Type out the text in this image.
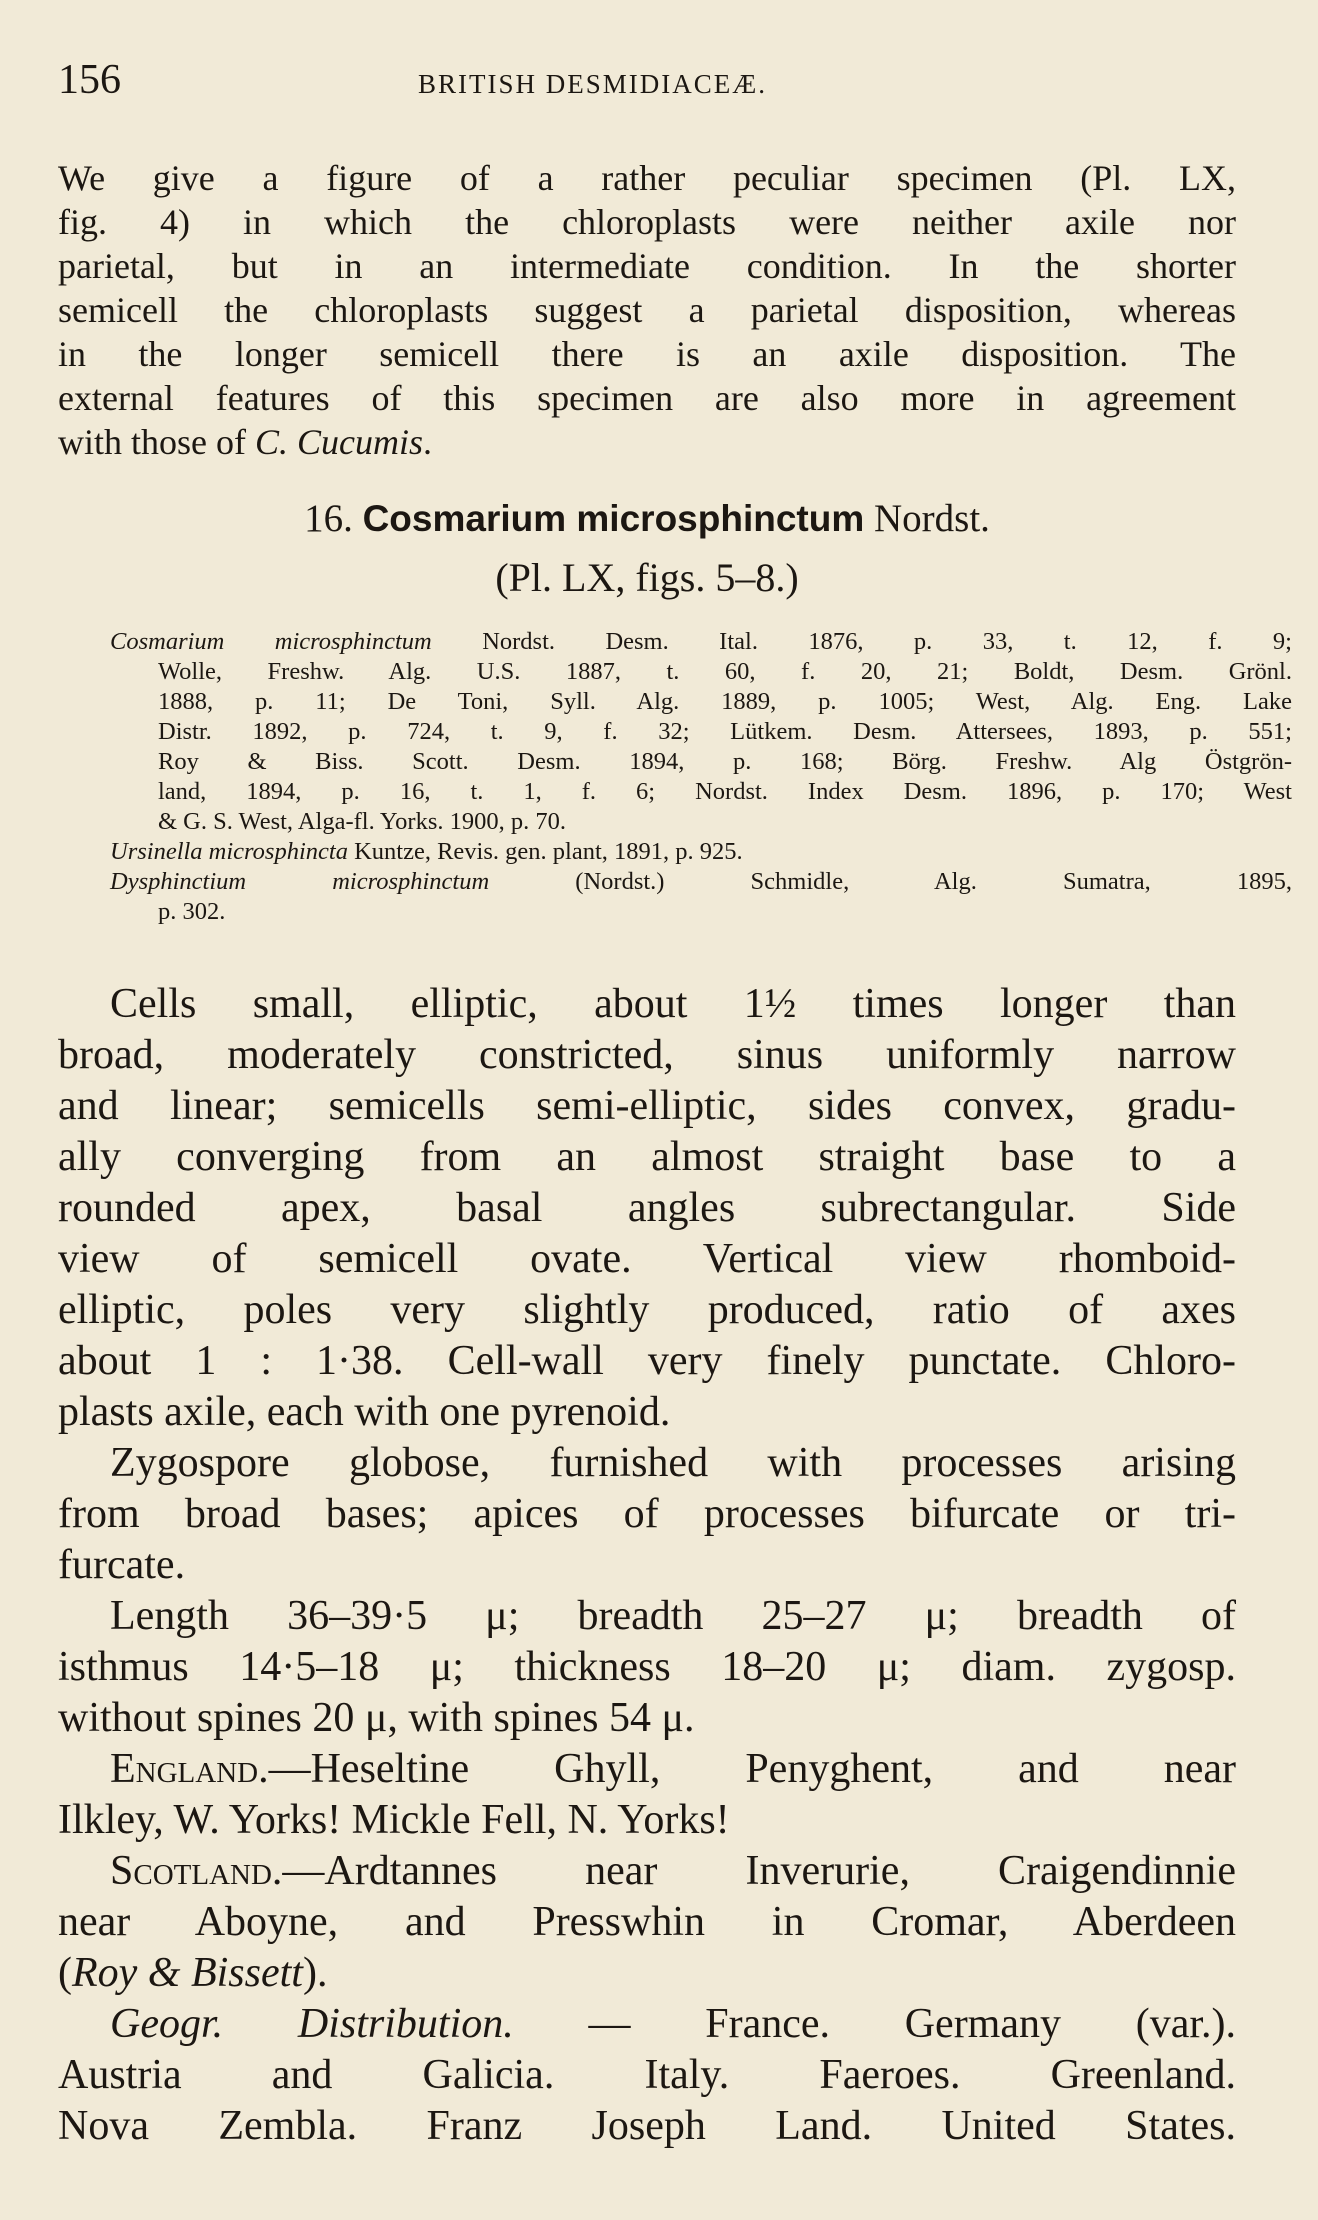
156	BRITISH DESMIDIACEÆ.
We give a figure of a rather peculiar specimen (Pl. LX,
fig. 4) in which the chloroplasts were neither axile nor
parietal, but in an intermediate condition. In the shorter
semicell the chloroplasts suggest a parietal disposition, whereas
in the longer semicell there is an axile disposition. The
external features of this specimen are also more in agreement
with those of C. Cucumis.
16. Cosmarium microsphinctum Nordst.
(Pl. LX, figs. 5–8.)
Cosmarium microsphinctum Nordst. Desm. Ital. 1876, p. 33, t. 12, f. 9;
Wolle, Freshw. Alg. U.S. 1887, t. 60, f. 20, 21; Boldt, Desm. Grönl.
1888, p. 11; De Toni, Syll. Alg. 1889, p. 1005; West, Alg. Eng. Lake
Distr. 1892, p. 724, t. 9, f. 32; Lütkem. Desm. Attersees, 1893, p. 551;
Roy & Biss. Scott. Desm. 1894, p. 168; Börg. Freshw. Alg Östgrön-
land, 1894, p. 16, t. 1, f. 6; Nordst. Index Desm. 1896, p. 170; West
& G. S. West, Alga-fl. Yorks. 1900, p. 70.
Ursinella microsphincta Kuntze, Revis. gen. plant, 1891, p. 925.
Dysphinctium microsphinctum (Nordst.) Schmidle, Alg. Sumatra, 1895,
p. 302.
Cells small, elliptic, about 1½ times longer than
broad, moderately constricted, sinus uniformly narrow
and linear; semicells semi-elliptic, sides convex, gradu-
ally converging from an almost straight base to a
rounded apex, basal angles subrectangular. Side
view of semicell ovate. Vertical view rhomboid-
elliptic, poles very slightly produced, ratio of axes
about 1 : 1·38. Cell-wall very finely punctate. Chloro-
plasts axile, each with one pyrenoid.
Zygospore globose, furnished with processes arising
from broad bases; apices of processes bifurcate or tri-
furcate.
Length 36–39·5 μ; breadth 25–27 μ; breadth of
isthmus 14·5–18 μ; thickness 18–20 μ; diam. zygosp.
without spines 20 μ, with spines 54 μ.
England.—Heseltine Ghyll, Penyghent, and near
Ilkley, W. Yorks! Mickle Fell, N. Yorks!
Scotland.—Ardtannes near Inverurie, Craigendinnie
near Aboyne, and Presswhin in Cromar, Aberdeen
(Roy & Bissett).
Geogr. Distribution. — France. Germany (var.).
Austria and Galicia. Italy. Faeroes. Greenland.
Nova Zembla. Franz Joseph Land. United States.
